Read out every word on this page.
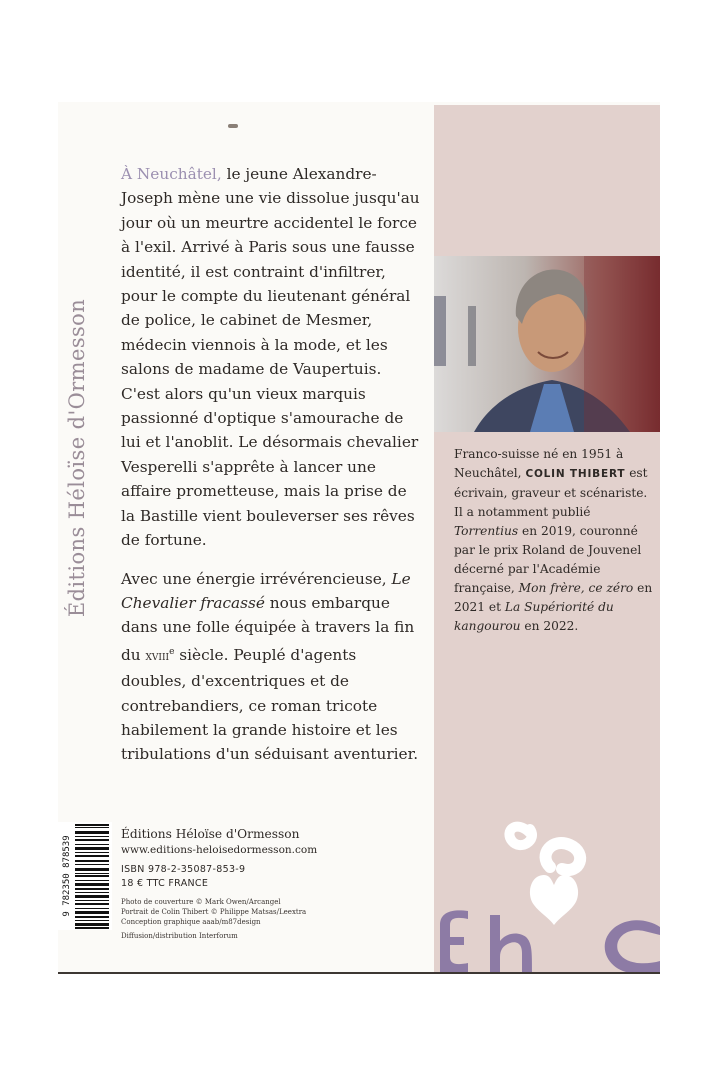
Éditions Héloïse d'Ormesson

À Neuchâtel, le jeune Alexandre-Joseph mène une vie dissolue jusqu'au jour où un meurtre accidentel le force à l'exil. Arrivé à Paris sous une fausse identité, il est contraint d'infiltrer, pour le compte du lieutenant général de police, le cabinet de Mesmer, médecin viennois à la mode, et les salons de madame de Vaupertuis. C'est alors qu'un vieux marquis passionné d'optique s'amourache de lui et l'anoblit. Le désormais chevalier Vesperelli s'apprête à lancer une affaire prometteuse, mais la prise de la Bastille vient bouleverser ses rêves de fortune.

Avec une énergie irrévérencieuse, Le Chevalier fracassé nous embarque dans une folle équipée à travers la fin du xviii$^e$ siècle. Peuplé d'agents doubles, d'excentriques et de contrebandiers, ce roman tricote habilement la grande histoire et les tribulations d'un séduisant aventurier.

Franco-suisse né en 1951 à Neuchâtel, COLIN THIBERT est écrivain, graveur et scénariste. Il a notamment publié Torrentius en 2019, couronné par le prix Roland de Jouvenel décerné par l'Académie française, Mon frère, ce zéro en 2021 et La Supériorité du kangourou en 2022.
9 782350 878539
Éditions Héloïse d'Ormesson
www.editions-heloisedormesson.com
ISBN 978-2-35087-853-9
18 € TTC FRANCE
Photo de couverture © Mark Owen/Arcangel
Portrait de Colin Thibert © Philippe Matsas/Leextra
Conception graphique aaab/m87design
Diffusion/distribution Interforum
